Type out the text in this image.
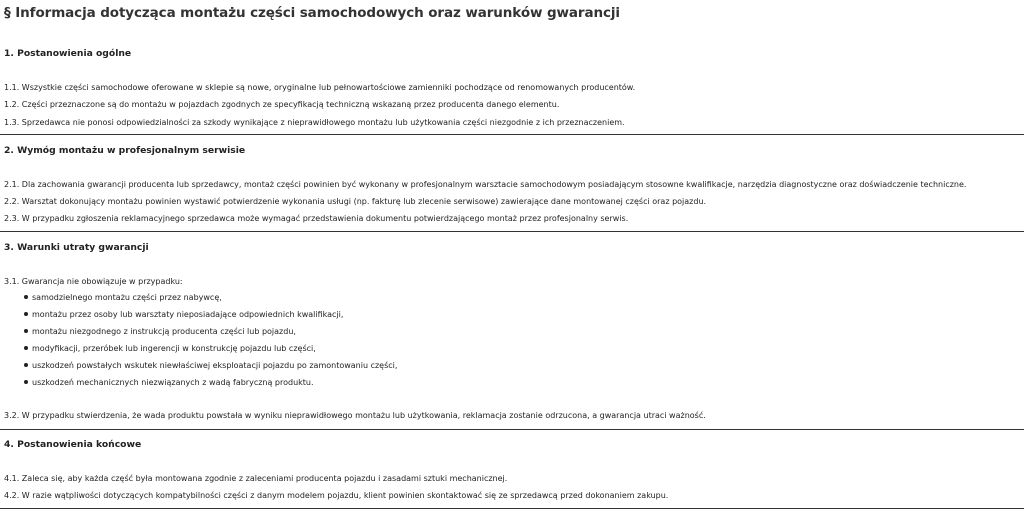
§ Informacja dotycząca montażu części samochodowych oraz warunków gwarancji
1. Postanowienia ogólne
1.1. Wszystkie części samochodowe oferowane w sklepie są nowe, oryginalne lub pełnowartościowe zamienniki pochodzące od renomowanych producentów.
1.2. Części przeznaczone są do montażu w pojazdach zgodnych ze specyfikacją techniczną wskazaną przez producenta danego elementu.
1.3. Sprzedawca nie ponosi odpowiedzialności za szkody wynikające z nieprawidłowego montażu lub użytkowania części niezgodnie z ich przeznaczeniem.
2. Wymóg montażu w profesjonalnym serwisie
2.1. Dla zachowania gwarancji producenta lub sprzedawcy, montaż części powinien być wykonany w profesjonalnym warsztacie samochodowym posiadającym stosowne kwalifikacje, narzędzia diagnostyczne oraz doświadczenie techniczne.
2.2. Warsztat dokonujący montażu powinien wystawić potwierdzenie wykonania usługi (np. fakturę lub zlecenie serwisowe) zawierające dane montowanej części oraz pojazdu.
2.3. W przypadku zgłoszenia reklamacyjnego sprzedawca może wymagać przedstawienia dokumentu potwierdzającego montaż przez profesjonalny serwis.
3. Warunki utraty gwarancji
3.1. Gwarancja nie obowiązuje w przypadku:
samodzielnego montażu części przez nabywcę,
montażu przez osoby lub warsztaty nieposiadające odpowiednich kwalifikacji,
montażu niezgodnego z instrukcją producenta części lub pojazdu,
modyfikacji, przeróbek lub ingerencji w konstrukcję pojazdu lub części,
uszkodzeń powstałych wskutek niewłaściwej eksploatacji pojazdu po zamontowaniu części,
uszkodzeń mechanicznych niezwiązanych z wadą fabryczną produktu.
3.2. W przypadku stwierdzenia, że wada produktu powstała w wyniku nieprawidłowego montażu lub użytkowania, reklamacja zostanie odrzucona, a gwarancja utraci ważność.
4. Postanowienia końcowe
4.1. Zaleca się, aby każda część była montowana zgodnie z zaleceniami producenta pojazdu i zasadami sztuki mechanicznej.
4.2. W razie wątpliwości dotyczących kompatybilności części z danym modelem pojazdu, klient powinien skontaktować się ze sprzedawcą przed dokonaniem zakupu.
